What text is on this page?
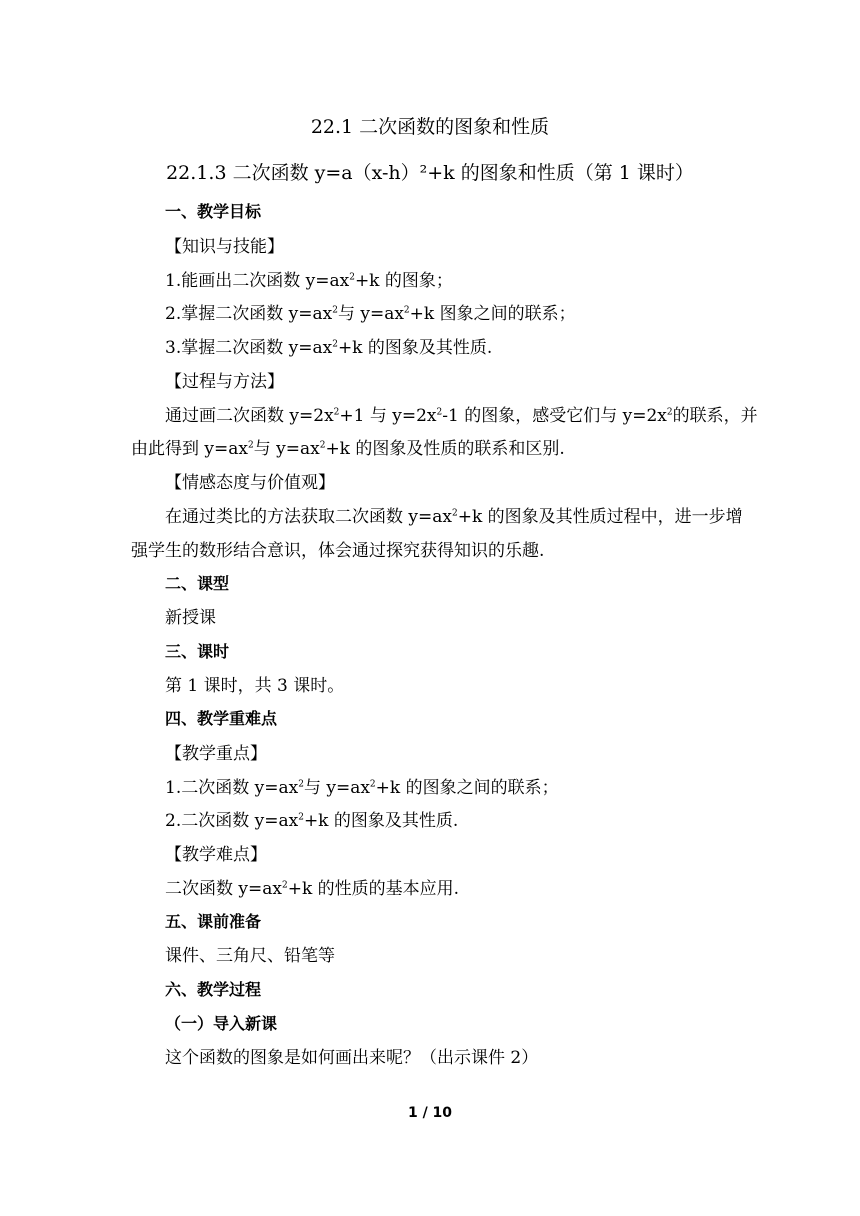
22.1 二次函数的图象和性质
22.1.3 二次函数 y=a（x-h）²+k 的图象和性质（第 1 课时）
一、教学目标
【知识与技能】
1.能画出二次函数 $y=ax^2+k$ 的图象；
2.掌握二次函数 $y=ax^2$与 $y=ax^2+k$ 图象之间的联系；
3.掌握二次函数 $y=ax^2+k$ 的图象及其性质.
【过程与方法】
通过画二次函数 $y=2x^2+1$ 与 $y=2x^2-1$ 的图象，感受它们与 $y=2x^2$的联系，并
由此得到 $y=ax^2$与 $y=ax^2+k$ 的图象及性质的联系和区别.
【情感态度与价值观】
在通过类比的方法获取二次函数 $y=ax^2+k$ 的图象及其性质过程中，进一步增
强学生的数形结合意识，体会通过探究获得知识的乐趣.
二、课型
新授课
三、课时
第 1 课时，共 3 课时。
四、教学重难点
【教学重点】
1.二次函数 $y=ax^2$与 $y=ax^2+k$ 的图象之间的联系；
2.二次函数 $y=ax^2+k$ 的图象及其性质.
【教学难点】
二次函数 $y=ax^2+k$ 的性质的基本应用.
五、课前准备
课件、三角尺、铅笔等
六、教学过程
（一）导入新课
这个函数的图象是如何画出来呢？（出示课件 2）
1 / 10
